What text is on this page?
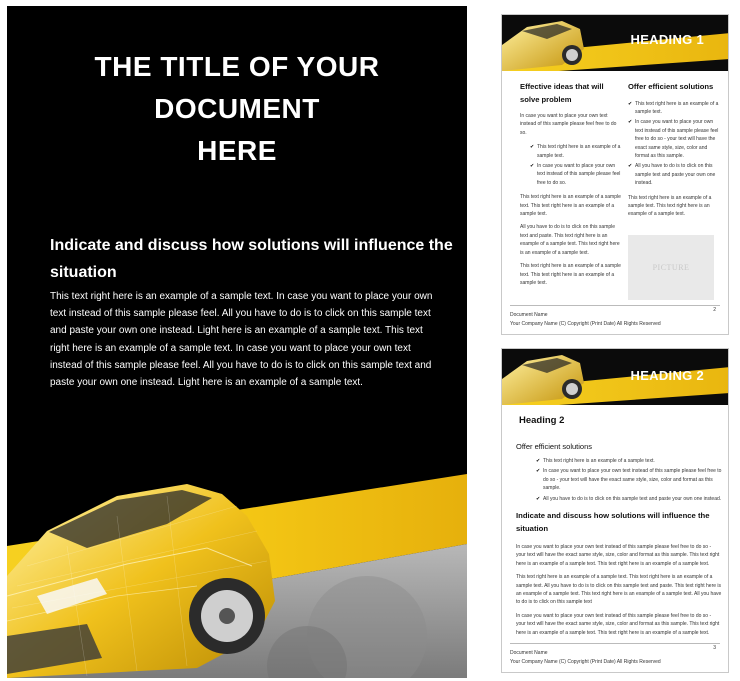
THE TITLE OF YOUR
DOCUMENT
HERE
Indicate and discuss how solutions will influence the situation
This text right here is an example of a sample text. In case you want to place your own text instead of this sample please feel. All you have to do is to click on this sample text and paste your own one instead. Light here is an example of a sample text. This text right here is an example of a sample text. In case you want to place your own text instead of this sample please feel. All you have to do is to click on this sample text and paste your own one instead. Light here is an example of a sample text.
HEADING 1
Effective ideas that will solve problem
In case you want to place your own text instead of this sample please feel free to do so.
✔ This text right here is an example of a sample text.
✔ In case you want to place your own text instead of this sample please feel free to do so.
This text right here is an example of a sample text. This text right here is an example of a sample text.
All you have to do is to click on this sample text and paste. This text right here is an example of a sample text. This text right here is an example of a sample text.
This text right here is an example of a sample text. This text right here is an example of a sample text.
Offer efficient solutions
✔ This text right here is an example of a sample text.
✔ In case you want to place your own text instead of this sample please feel free to do so - your text will have the exact same style, size, color and format as this sample.
✔ All you have to do is to click on this sample text and paste your own one instead.
This text right here is an example of a sample text. This text right here is an example of a sample text.
PICTURE
Document Name
Your Company Name (C) Copyright (Print Date) All Rights Reserved
2
HEADING 2
Heading 2
Offer efficient solutions
✔ This text right here is an example of a sample text.
✔ In case you want to place your own text instead of this sample please feel free to do so - your text will have the exact same style, size, color and format as this sample.
✔ All you have to do is to click on this sample text and paste your own one instead.
Indicate and discuss how solutions will influence the situation
In case you want to place your own text instead of this sample please feel free to do so - your text will have the exact same style, size, color and format as this sample. This text right here is an example of a sample text. This text right here is an example of a sample text.
This text right here is an example of a sample text. This text right here is an example of a sample text. All you have to do is to click on this sample text and paste. This text right here is an example of a sample text. This text right here is an example of a sample text. All you have to do is to click on this sample text
In case you want to place your own text instead of this sample please feel free to do so - your text will have the exact same style, size, color and format as this sample. This text right here is an example of a sample text. This text right here is an example of a sample text.
Document Name
Your Company Name (C) Copyright (Print Date) All Rights Reserved
3
